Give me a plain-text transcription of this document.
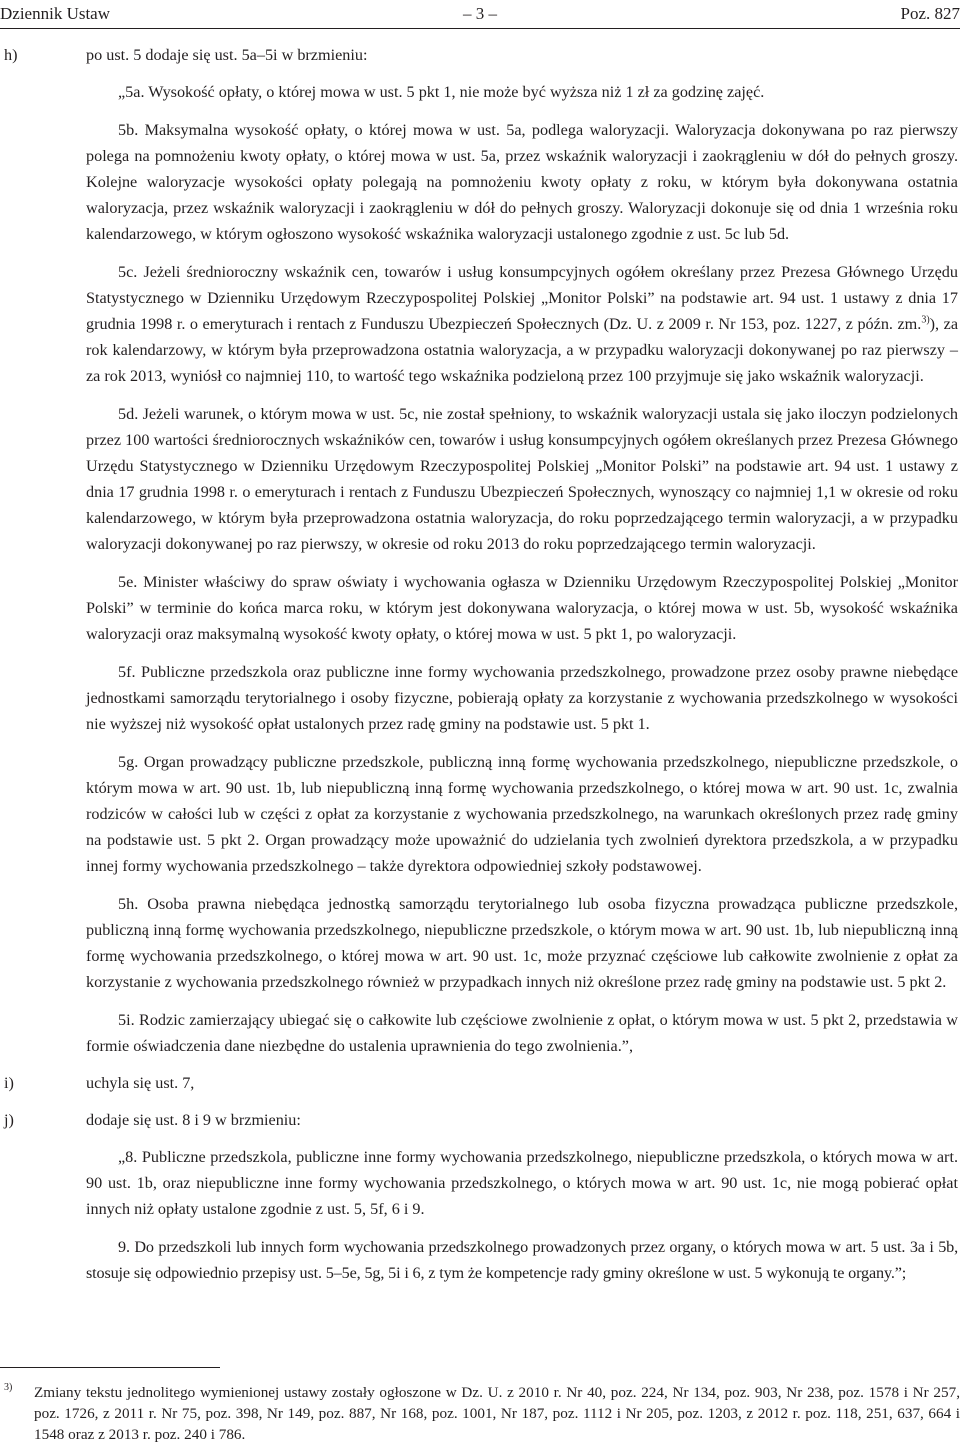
Dziennik Ustaw	– 3 –	Poz. 827
h)	po ust. 5 dodaje się ust. 5a–5i w brzmieniu:

„5a. Wysokość opłaty, o której mowa w ust. 5 pkt 1, nie może być wyższa niż 1 zł za godzinę zajęć.

5b. Maksymalna wysokość opłaty, o której mowa w ust. 5a, podlega waloryzacji. Waloryzacja dokonywana po raz pierwszy polega na pomnożeniu kwoty opłaty, o której mowa w ust. 5a, przez wskaźnik waloryzacji i zaokrągleniu w dół do pełnych groszy. Kolejne waloryzacje wysokości opłaty polegają na pomnożeniu kwoty opłaty z roku, w którym była dokonywana ostatnia waloryzacja, przez wskaźnik waloryzacji i zaokrągleniu w dół do pełnych groszy. Waloryzacji dokonuje się od dnia 1 września roku kalendarzowego, w którym ogłoszono wysokość wskaźnika waloryzacji ustalonego zgodnie z ust. 5c lub 5d.

5c. Jeżeli średnioroczny wskaźnik cen, towarów i usług konsumpcyjnych ogółem określany przez Prezesa Głównego Urzędu Statystycznego w Dzienniku Urzędowym Rzeczypospolitej Polskiej „Monitor Polski” na podstawie art. 94 ust. 1 ustawy z dnia 17 grudnia 1998 r. o emeryturach i rentach z Funduszu Ubezpieczeń Społecznych (Dz. U. z 2009 r. Nr 153, poz. 1227, z późn. zm.$^{3)}$), za rok kalendarzowy, w którym była przeprowadzona ostatnia waloryzacja, a w przypadku waloryzacji dokonywanej po raz pierwszy – za rok 2013, wyniósł co najmniej 110, to wartość tego wskaźnika podzieloną przez 100 przyjmuje się jako wskaźnik waloryzacji.

5d. Jeżeli warunek, o którym mowa w ust. 5c, nie został spełniony, to wskaźnik waloryzacji ustala się jako iloczyn podzielonych przez 100 wartości średniorocznych wskaźników cen, towarów i usług konsumpcyjnych ogółem określanych przez Prezesa Głównego Urzędu Statystycznego w Dzienniku Urzędowym Rzeczypospolitej Polskiej „Monitor Polski” na podstawie art. 94 ust. 1 ustawy z dnia 17 grudnia 1998 r. o emeryturach i rentach z Funduszu Ubezpieczeń Społecznych, wynoszący co najmniej 1,1 w okresie od roku kalendarzowego, w którym była przeprowadzona ostatnia waloryzacja, do roku poprzedzającego termin waloryzacji, a w przypadku waloryzacji dokonywanej po raz pierwszy, w okresie od roku 2013 do roku poprzedzającego termin waloryzacji.

5e. Minister właściwy do spraw oświaty i wychowania ogłasza w Dzienniku Urzędowym Rzeczypospolitej Polskiej „Monitor Polski” w terminie do końca marca roku, w którym jest dokonywana waloryzacja, o której mowa w ust. 5b, wysokość wskaźnika waloryzacji oraz maksymalną wysokość kwoty opłaty, o której mowa w ust. 5 pkt 1, po waloryzacji.

5f. Publiczne przedszkola oraz publiczne inne formy wychowania przedszkolnego, prowadzone przez osoby prawne niebędące jednostkami samorządu terytorialnego i osoby fizyczne, pobierają opłaty za korzystanie z wychowania przedszkolnego w wysokości nie wyższej niż wysokość opłat ustalonych przez radę gminy na podstawie ust. 5 pkt 1.

5g. Organ prowadzący publiczne przedszkole, publiczną inną formę wychowania przedszkolnego, niepubliczne przedszkole, o którym mowa w art. 90 ust. 1b, lub niepubliczną inną formę wychowania przedszkolnego, o której mowa w art. 90 ust. 1c, zwalnia rodziców w całości lub w części z opłat za korzystanie z wychowania przedszkolnego, na warunkach określonych przez radę gminy na podstawie ust. 5 pkt 2. Organ prowadzący może upoważnić do udzielania tych zwolnień dyrektora przedszkola, a w przypadku innej formy wychowania przedszkolnego – także dyrektora odpowiedniej szkoły podstawowej.

5h. Osoba prawna niebędąca jednostką samorządu terytorialnego lub osoba fizyczna prowadząca publiczne przedszkole, publiczną inną formę wychowania przedszkolnego, niepubliczne przedszkole, o którym mowa w art. 90 ust. 1b, lub niepubliczną inną formę wychowania przedszkolnego, o której mowa w art. 90 ust. 1c, może przyznać częściowe lub całkowite zwolnienie z opłat za korzystanie z wychowania przedszkolnego również w przypadkach innych niż określone przez radę gminy na podstawie ust. 5 pkt 2.

5i. Rodzic zamierzający ubiegać się o całkowite lub częściowe zwolnienie z opłat, o którym mowa w ust. 5 pkt 2, przedstawia w formie oświadczenia dane niezbędne do ustalenia uprawnienia do tego zwolnienia.”,

i)	uchyla się ust. 7,
j)	dodaje się ust. 8 i 9 w brzmieniu:

„8. Publiczne przedszkola, publiczne inne formy wychowania przedszkolnego, niepubliczne przedszkola, o których mowa w art. 90 ust. 1b, oraz niepubliczne inne formy wychowania przedszkolnego, o których mowa w art. 90 ust. 1c, nie mogą pobierać opłat innych niż opłaty ustalone zgodnie z ust. 5, 5f, 6 i 9.

9. Do przedszkoli lub innych form wychowania przedszkolnego prowadzonych przez organy, o których mowa w art. 5 ust. 3a i 5b, stosuje się odpowiednio przepisy ust. 5–5e, 5g, 5i i 6, z tym że kompetencje rady gminy określone w ust. 5 wykonują te organy.”;

3) Zmiany tekstu jednolitego wymienionej ustawy zostały ogłoszone w Dz. U. z 2010 r. Nr 40, poz. 224, Nr 134, poz. 903, Nr 238, poz. 1578 i Nr 257, poz. 1726, z 2011 r. Nr 75, poz. 398, Nr 149, poz. 887, Nr 168, poz. 1001, Nr 187, poz. 1112 i Nr 205, poz. 1203, z 2012 r. poz. 118, 251, 637, 664 i 1548 oraz z 2013 r. poz. 240 i 786.
